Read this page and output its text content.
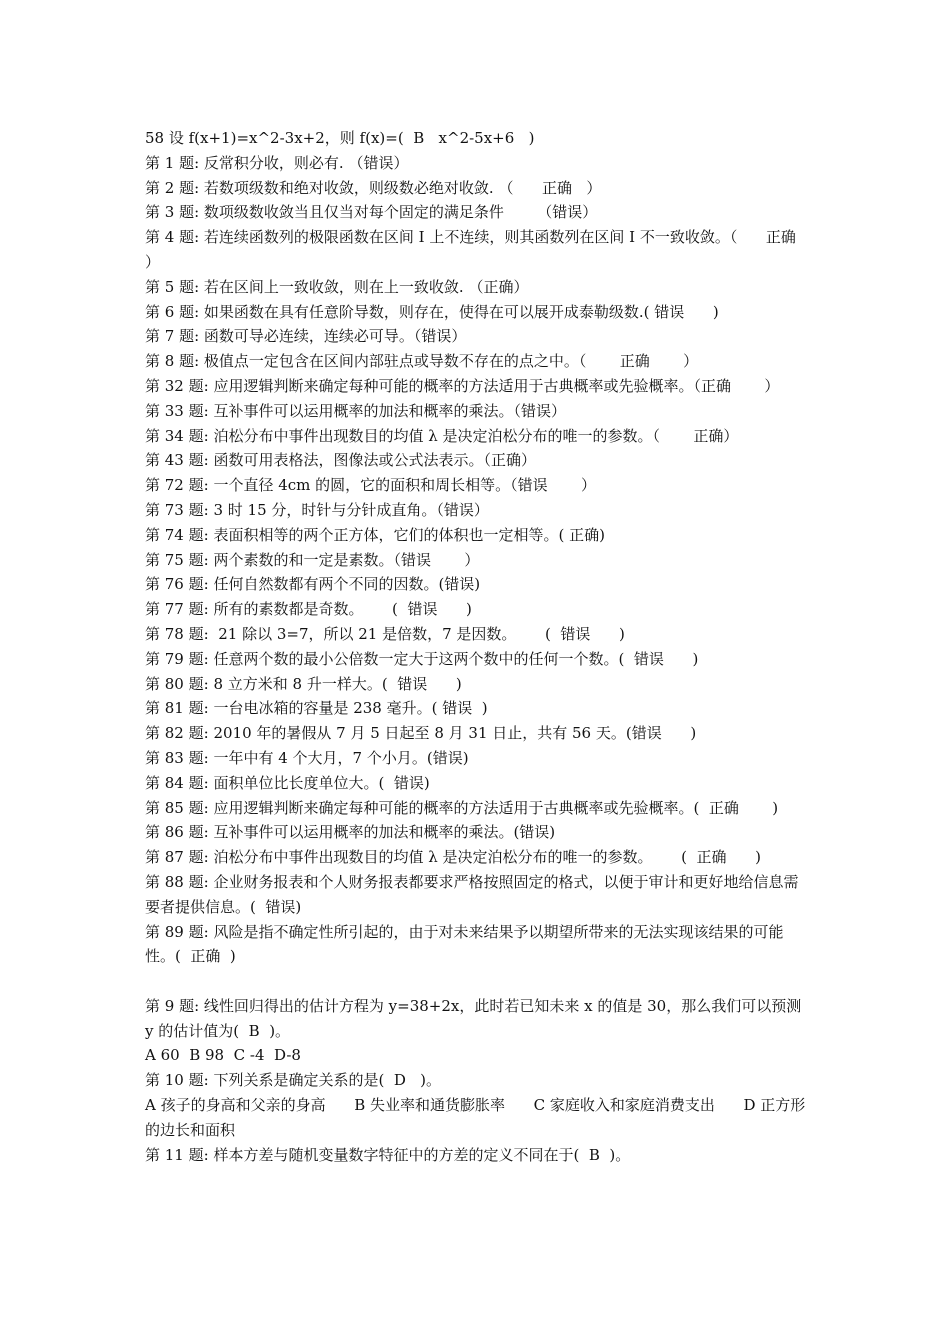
58 设 f(x+1)=x^2-3x+2，则 f(x)=(  B   x^2-5x+6   )

第 1 题: 反常积分收，则必有. （错误）

第 2 题: 若数项级数和绝对收敛，则级数必绝对收敛. （      正确   ）

第 3 题: 数项级数收敛当且仅当对每个固定的满足条件       （错误）

第 4 题: 若连续函数列的极限函数在区间 I 上不连续，则其函数列在区间 I 不一致收敛。（      正确       ）

第 5 题: 若在区间上一致收敛，则在上一致收敛. （正确）

第 6 题: 如果函数在具有任意阶导数，则存在，使得在可以展开成泰勒级数.( 错误      )

第 7 题: 函数可导必连续，连续必可导。（错误）

第 8 题: 极值点一定包含在区间内部驻点或导数不存在的点之中。（       正确       ）

第 32 题: 应用逻辑判断来确定每种可能的概率的方法适用于古典概率或先验概率。（正确       ）

第 33 题: 互补事件可以运用概率的加法和概率的乘法。（错误）

第 34 题: 泊松分布中事件出现数目的均值 λ 是决定泊松分布的唯一的参数。（       正确）

第 43 题: 函数可用表格法，图像法或公式法表示。（正确）

第 72 题: 一个直径 4cm 的圆，它的面积和周长相等。（错误       ）

第 73 题: 3 时 15 分，时针与分针成直角。（错误）

第 74 题: 表面积相等的两个正方体，它们的体积也一定相等。( 正确)

第 75 题: 两个素数的和一定是素数。（错误       ）

第 76 题: 任何自然数都有两个不同的因数。(错误)

第 77 题: 所有的素数都是奇数。      (  错误      )

第 78 题:  21 除以 3=7，所以 21 是倍数，7 是因数。      (  错误      )

第 79 题: 任意两个数的最小公倍数一定大于这两个数中的任何一个数。(  错误      )

第 80 题: 8 立方米和 8 升一样大。(  错误      )

第 81 题: 一台电冰箱的容量是 238 毫升。( 错误  )

第 82 题: 2010 年的暑假从 7 月 5 日起至 8 月 31 日止，共有 56 天。(错误      )

第 83 题: 一年中有 4 个大月，7 个小月。(错误)

第 84 题: 面积单位比长度单位大。(  错误)

第 85 题: 应用逻辑判断来确定每种可能的概率的方法适用于古典概率或先验概率。(  正确       )

第 86 题: 互补事件可以运用概率的加法和概率的乘法。(错误)

第 87 题: 泊松分布中事件出现数目的均值 λ 是决定泊松分布的唯一的参数。      (  正确      )

第 88 题: 企业财务报表和个人财务报表都要求严格按照固定的格式，以便于审计和更好地给信息需要者提供信息。(  错误)

第 89 题: 风险是指不确定性所引起的，由于对未来结果予以期望所带来的无法实现该结果的可能性。(  正确  )

第 9 题: 线性回归得出的估计方程为 y=38+2x，此时若已知未来 x 的值是 30，那么我们可以预测 y 的估计值为(  B  )。

A 60  B 98  C -4  D-8

第 10 题: 下列关系是确定关系的是(  D   )。

A 孩子的身高和父亲的身高      B 失业率和通货膨胀率      C 家庭收入和家庭消费支出      D 正方形的边长和面积

第 11 题: 样本方差与随机变量数字特征中的方差的定义不同在于(  B  )。
